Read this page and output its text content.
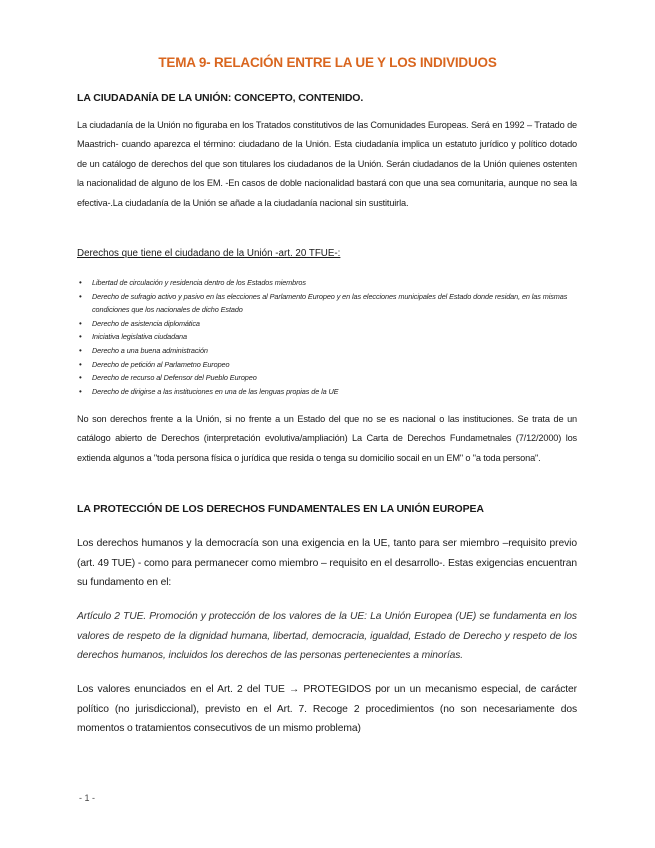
TEMA 9- RELACIÓN ENTRE LA UE Y LOS INDIVIDUOS
LA CIUDADANÍA DE LA UNIÓN: CONCEPTO, CONTENIDO.
La ciudadanía de la Unión no figuraba en los Tratados constitutivos de las Comunidades Europeas. Será en 1992 – Tratado de Maastrich- cuando aparezca el término: ciudadano de la Unión. Esta ciudadanía implica un estatuto jurídico y político dotado de un catálogo de derechos del que son titulares los ciudadanos de la Unión. Serán ciudadanos de la Unión quienes ostenten la nacionalidad de alguno de los EM. -En casos de doble nacionalidad bastará con que una sea comunitaria, aunque no sea la efectiva-.La ciudadanía de la Unión se añade a la ciudadanía nacional sin sustituirla.
Derechos que tiene el ciudadano de la Unión -art. 20 TFUE-:
• Libertad de circulación y residencia dentro de los Estados miembros
• Derecho de sufragio activo y pasivo en las elecciones al Parlamento Europeo y en las elecciones municipales del Estado donde residan, en las mismas condiciones que los nacionales de dicho Estado
• Derecho de asistencia diplomática
• Iniciativa legislativa ciudadana
• Derecho a una buena administración
• Derecho de petición al Parlametno Europeo
• Derecho de recurso al Defensor del Pueblo Europeo
• Derecho de dirigirse a las instituciones en una de las lenguas propias de la UE
No son derechos frente a la Unión, si no frente a un Estado del que no se es nacional o las instituciones. Se trata de un catálogo abierto de Derechos (interpretación evolutiva/ampliación) La Carta de Derechos Fundametnales (7/12/2000) los extienda algunos a "toda persona física o jurídica que resida o tenga su domicilio socail en un EM" o "a toda persona".
LA PROTECCIÓN DE LOS DERECHOS FUNDAMENTALES EN LA UNIÓN EUROPEA
Los derechos humanos y la democracía son una exigencia en la UE, tanto para ser miembro –requisito previo (art. 49 TUE) - como para permanecer como miembro – requisito en el desarrollo-. Estas exigencias encuentran su fundamento en el:
Artículo 2 TUE. Promoción y protección de los valores de la UE: La Unión Europea (UE) se fundamenta en los valores de respeto de la dignidad humana, libertad, democracia, igualdad, Estado de Derecho y respeto de los derechos humanos, incluidos los derechos de las personas pertenecientes a minorías.
Los valores enunciados en el Art. 2 del TUE → PROTEGIDOS por un un mecanismo especial, de carácter político (no jurisdiccional), previsto en el Art. 7. Recoge 2 procedimientos (no son necesariamente dos momentos o tratamientos consecutivos de un mismo problema)
- 1 -
